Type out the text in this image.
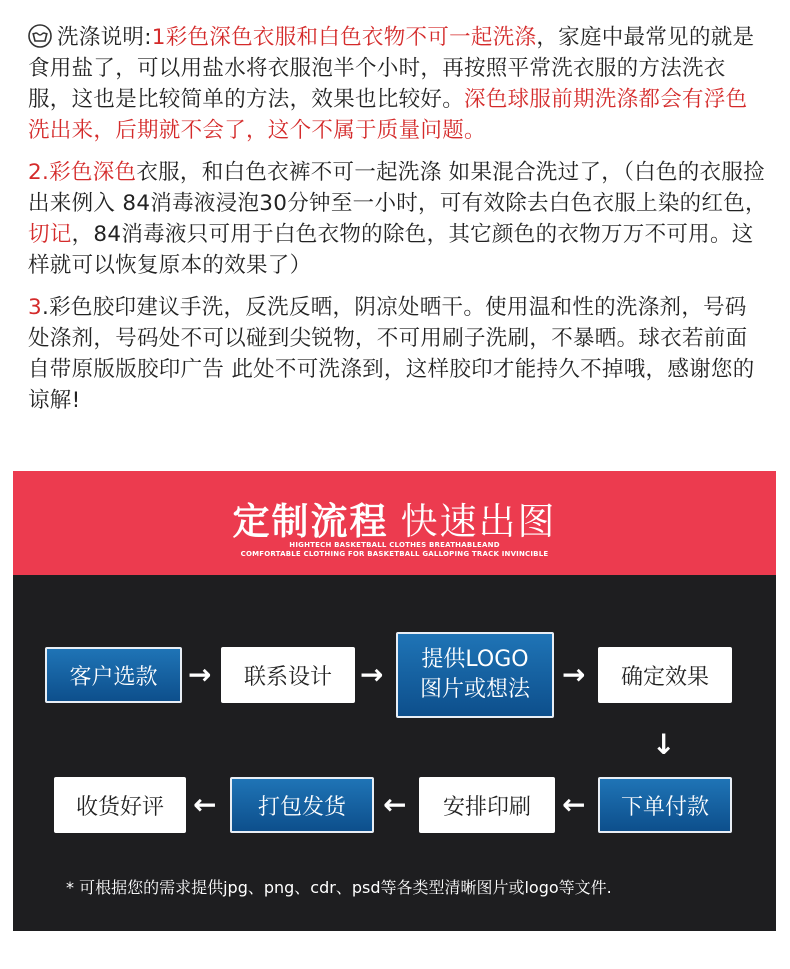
洗涤说明:1彩色深色衣服和白色衣物不可一起洗涤，家庭中最常见的就是食用盐了，可以用盐水将衣服泡半个小时，再按照平常洗衣服的方法洗衣服，这也是比较简单的方法，效果也比较好。深色球服前期洗涤都会有浮色洗出来，后期就不会了，这个不属于质量问题。

2.彩色深色衣服，和白色衣裤不可一起洗涤 如果混合洗过了，（白色的衣服捡出来例入 84消毒液浸泡30分钟至一小时，可有效除去白色衣服上染的红色，切记，84消毒液只可用于白色衣物的除色，其它颜色的衣物万万不可用。这样就可以恢复原本的效果了）

3.彩色胶印建议手洗，反洗反晒，阴凉处晒干。使用温和性的洗涤剂，号码处涤剂，号码处不可以碰到尖锐物，不可用刷子洗刷，不暴晒。球衣若前面自带原版版胶印广告 此处不可洗涤到，这样胶印才能持久不掉哦，感谢您的谅解!

定制流程 快速出图
HIGHTECH BASKETBALL CLOTHES BREATHABLEAND
COMFORTABLE CLOTHING FOR BASKETBALL GALLOPING TRACK INVINCIBLE
客户选款	→	联系设计	→ 提供LOGO
图片或想法 →	确定效果
↓
下单付款
←
安排印刷
←
打包发货
←
收货好评
* 可根据您的需求提供jpg、png、cdr、psd等各类型清晰图片或logo等文件.
